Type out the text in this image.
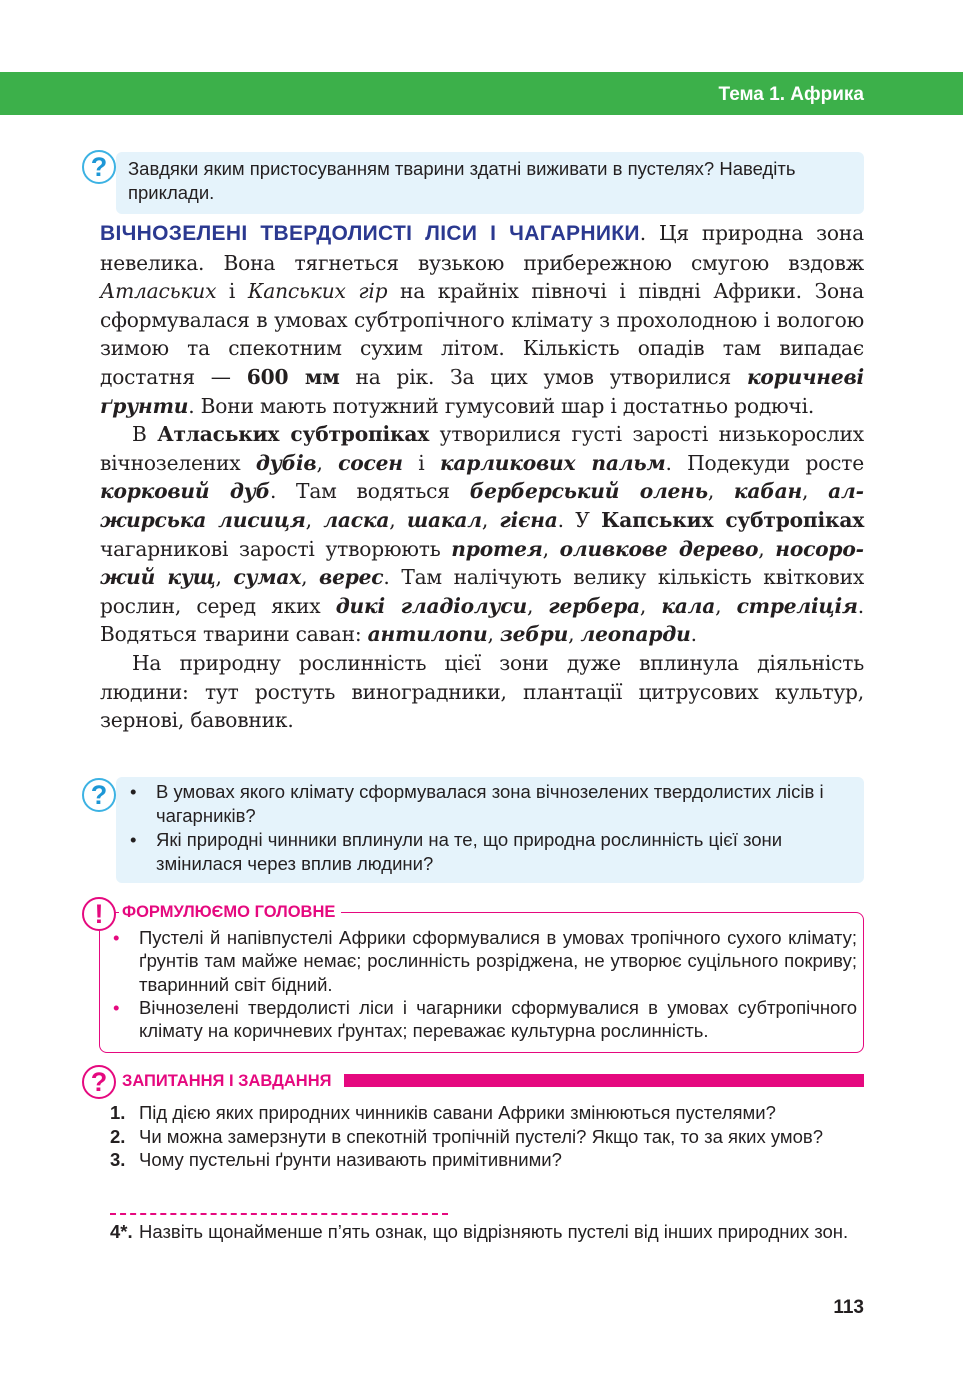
Тема 1. Африка
?	Завдяки яким пристосуванням тварини здатні виживати в пустелях? Наведіть приклади.

ВІЧНОЗЕЛЕНІ ТВЕРДОЛИСТІ ЛІСИ І ЧАГАРНИКИ. Ця природна зона невелика. Вона тягнеться вузькою прибережною смугою вздовж Атлаських і Капських гір на крайніх півночі і півдні Африки. Зона сформувалася в умовах субтропічного клімату з прохолодною і вологою зимою та спекотним сухим літом. Кількість опадів там випадає достатня — 600 мм на рік. За цих умов утворилися коричневі ґрунти. Вони мають потужний гумусовий шар і достатньо родючі.

В Атлаських субтропіках утворилися густі зарості низькорослих вічнозелених дубів, сосен і карликових пальм. Подекуди росте корковий дуб. Там водяться берберський олень, кабан, алжирська лисиця, ласка, шакал, гієна. У Капських субтропіках чагарникові зарості утворюють протея, оливкове дерево, носорожий кущ, сумах, верес. Там налічують велику кількість квіткових рослин, серед яких дикі гладіолуси, гербера, кала, стреліція. Водяться тварини саван: антилопи, зебри, леопарди.

На природну рослинність цієї зони дуже вплинула діяльність людини: тут ростуть виноградники, плантації цитрусових культур, зернові, бавовник.

?
•	В умовах якого клімату сформувалася зона вічнозелених твердолистих лісів і чагарників?
• Які природні чинники вплинули на те, що природна рослинність цієї зони змінилася через вплив людини?
!	ФОРМУЛЮЄМО ГОЛОВНЕ
• Пустелі й напівпустелі Африки сформувалися в умовах тропічного сухого клімату; ґрунтів там майже немає; рослинність розріджена, не утворює суцільного покриву; тваринний світ бідний.
• Вічнозелені твердолисті ліси і чагарники сформувалися в умовах субтропічного клімату на коричневих ґрунтах; переважає культурна рослинність.
? ЗАПИТАННЯ І ЗАВДАННЯ
1. Під дією яких природних чинників савани Африки змінюються пустелями?
2. Чи можна замерзнути в спекотній тропічній пустелі? Якщо так, то за яких умов?
3. Чому пустельні ґрунти називають примітивними?
4*. Назвіть щонайменше п’ять ознак, що відрізняють пустелі від інших природних зон.
113
